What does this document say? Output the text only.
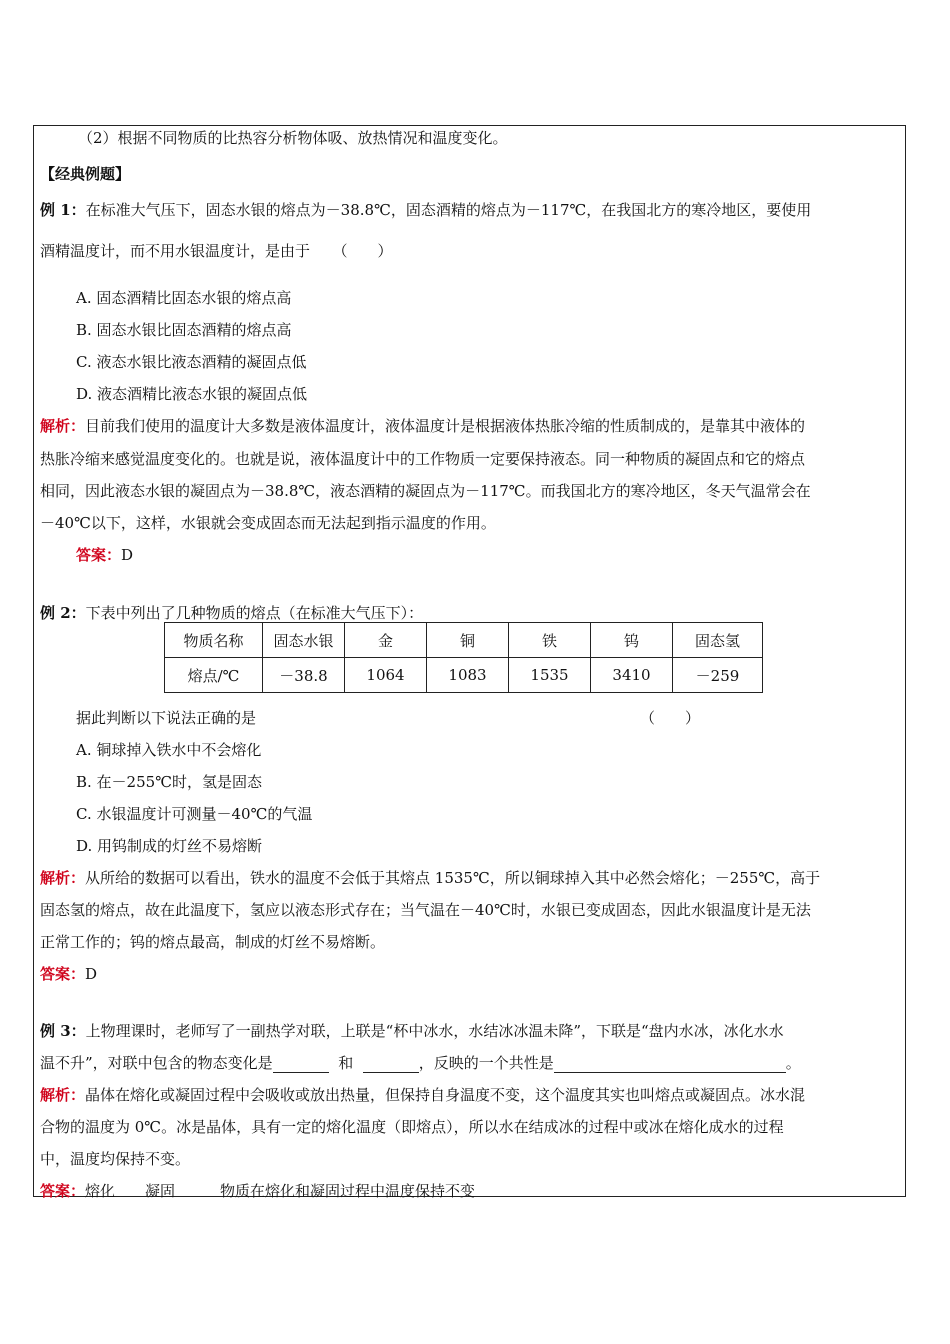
（2）根据不同物质的比热容分析物体吸、放热情况和温度变化。
【经典例题】
例 1：在标准大气压下，固态水银的熔点为－38.8℃，固态酒精的熔点为－117℃，在我国北方的寒冷地区，要使用
酒精温度计，而不用水银温度计，是由于　　（　　）
A. 固态酒精比固态水银的熔点高
B. 固态水银比固态酒精的熔点高
C. 液态水银比液态酒精的凝固点低
D. 液态酒精比液态水银的凝固点低
解析：目前我们使用的温度计大多数是液体温度计，液体温度计是根据液体热胀冷缩的性质制成的，是靠其中液体的
热胀冷缩来感觉温度变化的。也就是说，液体温度计中的工作物质一定要保持液态。同一种物质的凝固点和它的熔点
相同，因此液态水银的凝固点为－38.8℃，液态酒精的凝固点为－117℃。而我国北方的寒冷地区，冬天气温常会在
－40℃以下，这样，水银就会变成固态而无法起到指示温度的作用。
答案：D
例 2：下表中列出了几种物质的熔点（在标准大气压下）：
物质名称	固态水银	金	铜	铁	钨	固态氢
熔点/℃	－38.8	1064	1083	1535	3410	－259
据此判断以下说法正确的是	（　　）
A. 铜球掉入铁水中不会熔化
B. 在－255℃时，氢是固态
C. 水银温度计可测量－40℃的气温
D. 用钨制成的灯丝不易熔断
解析：从所给的数据可以看出，铁水的温度不会低于其熔点 1535℃，所以铜球掉入其中必然会熔化；－255℃，高于
固态氢的熔点，故在此温度下，氢应以液态形式存在；当气温在－40℃时，水银已变成固态，因此水银温度计是无法
正常工作的；钨的熔点最高，制成的灯丝不易熔断。
答案：D
例 3：上物理课时，老师写了一副热学对联，上联是“杯中冰水，水结冰冰温未降”，下联是“盘内水冰，冰化水水
温不升”，对联中包含的物态变化是	和	，反映的一个共性是	。
解析：晶体在熔化或凝固过程中会吸收或放出热量，但保持自身温度不变，这个温度其实也叫熔点或凝固点。冰水混
合物的温度为 0℃。冰是晶体，具有一定的熔化温度（即熔点），所以水在结成冰的过程中或冰在熔化成水的过程
中，温度均保持不变。
答案：熔化　　凝固　　　物质在熔化和凝固过程中温度保持不变
